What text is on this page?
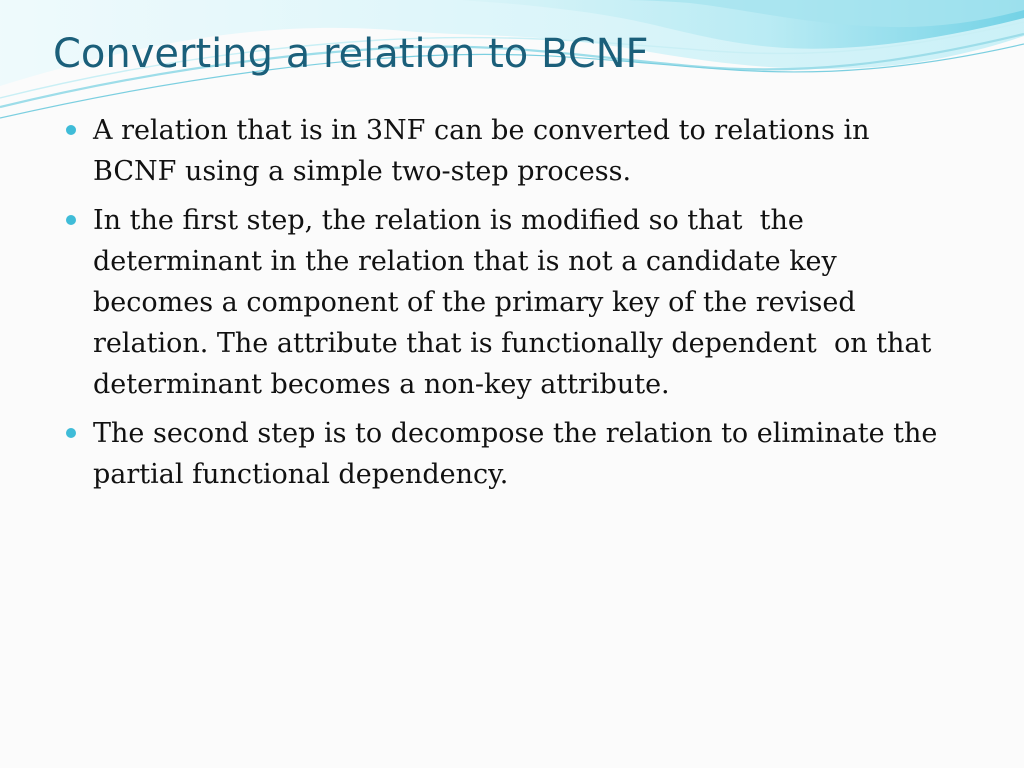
Converting a relation to BCNF
A relation that is in 3NF can be converted to relations in BCNF using a simple two-step process.
In the first step, the relation is modified so that  the determinant in the relation that is not a candidate key becomes a component of the primary key of the revised relation. The attribute that is functionally dependent  on that determinant becomes a non-key attribute.
The second step is to decompose the relation to eliminate the partial functional dependency.
